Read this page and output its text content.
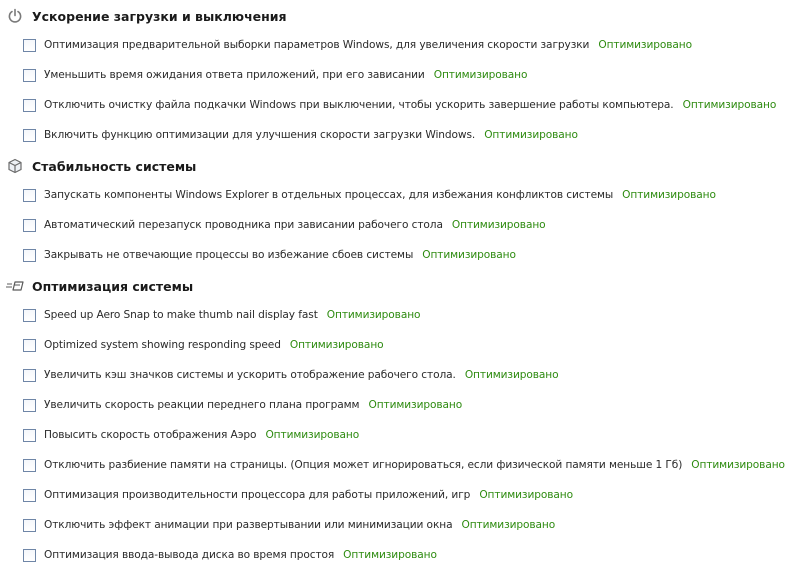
Ускорение загрузки и выключения
Оптимизация предварительной выборки параметров Windows, для увеличения скорости загрузки Оптимизировано
Уменьшить время ожидания ответа приложений, при его зависании Оптимизировано
Отключить очистку файла подкачки Windows при выключении, чтобы ускорить завершение работы компьютера. Оптимизировано
Включить функцию оптимизации для улучшения скорости загрузки Windows. Оптимизировано
Стабильность системы
Запускать компоненты Windows Explorer в отдельных процессах, для избежания конфликтов системы Оптимизировано
Автоматический перезапуск проводника при зависании рабочего стола Оптимизировано
Закрывать не отвечающие процессы во избежание сбоев системы Оптимизировано
Оптимизация системы
Speed up Aero Snap to make thumb nail display fast Оптимизировано
Optimized system showing responding speed Оптимизировано
Увеличить кэш значков системы и ускорить отображение рабочего стола. Оптимизировано
Увеличить скорость реакции переднего плана программ Оптимизировано
Повысить скорость отображения Аэро Оптимизировано
Отключить разбиение памяти на страницы. (Опция может игнорироваться, если физической памяти меньше 1 Гб) Оптимизировано
Оптимизация производительности процессора для работы приложений, игр Оптимизировано
Отключить эффект анимации при развертывании или минимизации окна Оптимизировано
Оптимизация ввода-вывода диска во время простоя Оптимизировано
